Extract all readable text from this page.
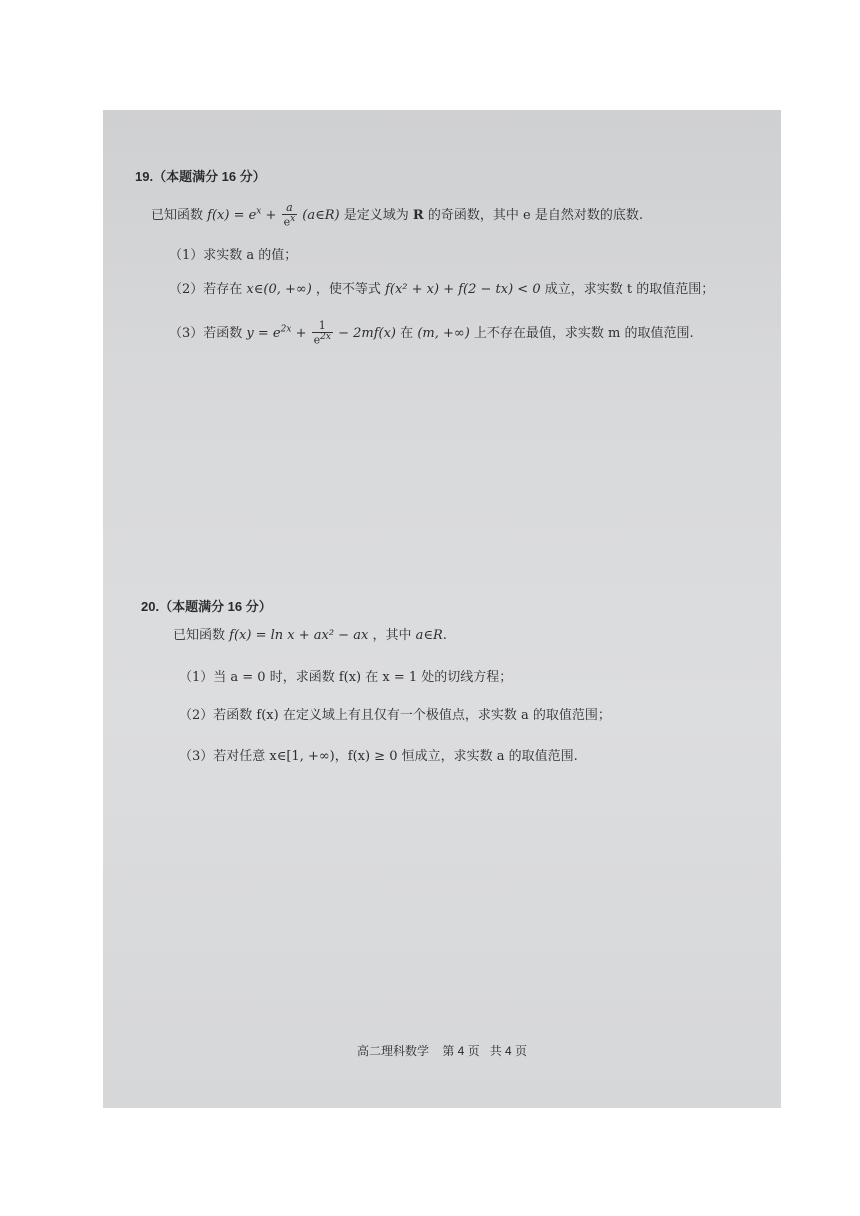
19.（本题满分 16 分）
已知函数 $f(x) = e^x + \frac{a}{e^x}$ (a∈R) 是定义域为 R 的奇函数，其中 e 是自然对数的底数.
（1）求实数 a 的值；
（2）若存在 x∈(0, +∞) ，使不等式 f(x² + x) + f(2 − tx) < 0 成立，求实数 t 的取值范围；
（3）若函数 $y = e^{2x} + \frac{1}{e^{2x}} - 2mf(x)$ 在 (m, +∞) 上不存在最值，求实数 m 的取值范围.
20.（本题满分 16 分）
已知函数 f(x) = ln x + ax² − ax ，其中 a∈R.
（1）当 a = 0 时，求函数 f(x) 在 x = 1 处的切线方程；
（2）若函数 f(x) 在定义域上有且仅有一个极值点，求实数 a 的取值范围；
（3）若对任意 x∈[1, +∞)，f(x) ≥ 0 恒成立，求实数 a 的取值范围.
高二理科数学 第 4 页 共 4 页
